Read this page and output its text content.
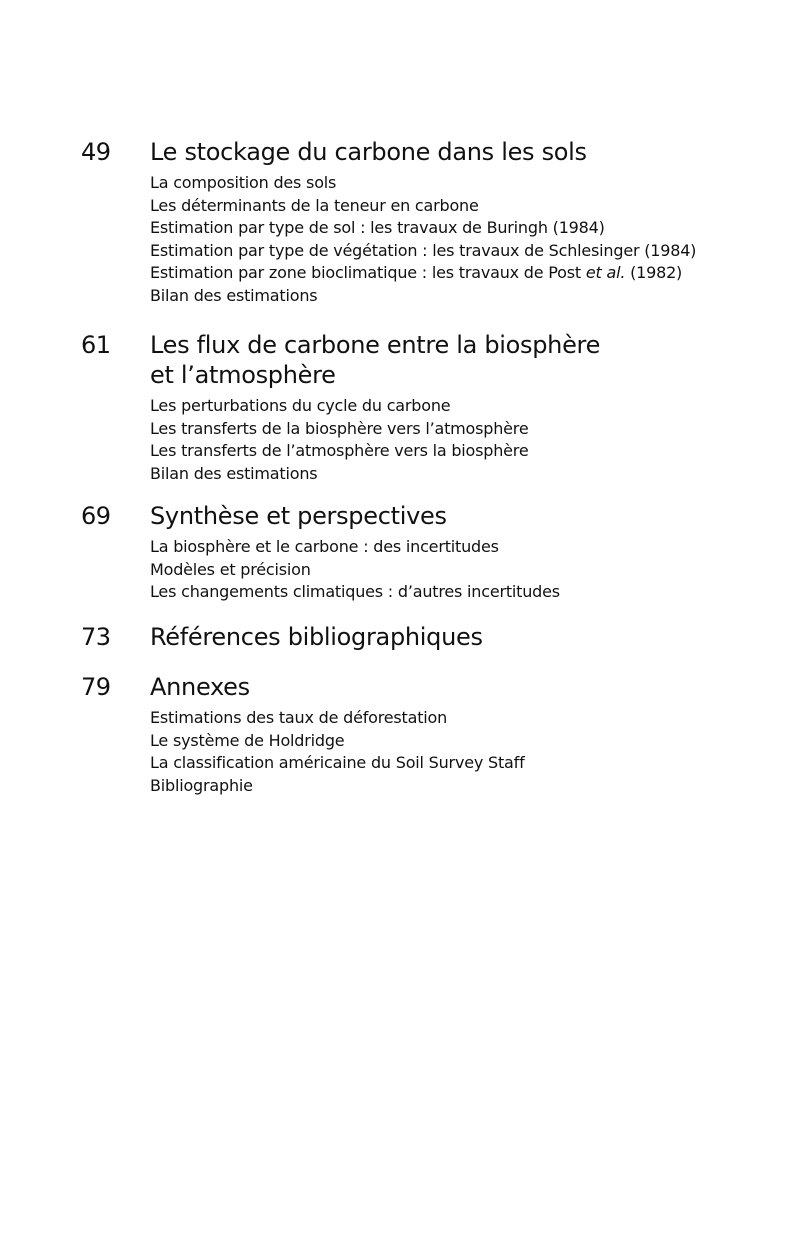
49 Le stockage du carbone dans les sols
La composition des sols
Les déterminants de la teneur en carbone
Estimation par type de sol : les travaux de Buringh (1984)
Estimation par type de végétation : les travaux de Schlesinger (1984)
Estimation par zone bioclimatique : les travaux de Post et al. (1982)
Bilan des estimations
61 Les flux de carbone entre la biosphère
et l’atmosphère
Les perturbations du cycle du carbone
Les transferts de la biosphère vers l’atmosphère
Les transferts de l’atmosphère vers la biosphère
Bilan des estimations
69 Synthèse et perspectives
La biosphère et le carbone : des incertitudes
Modèles et précision
Les changements climatiques : d’autres incertitudes
73 Références bibliographiques
79 Annexes
Estimations des taux de déforestation
Le système de Holdridge
La classification américaine du Soil Survey Staff
Bibliographie
